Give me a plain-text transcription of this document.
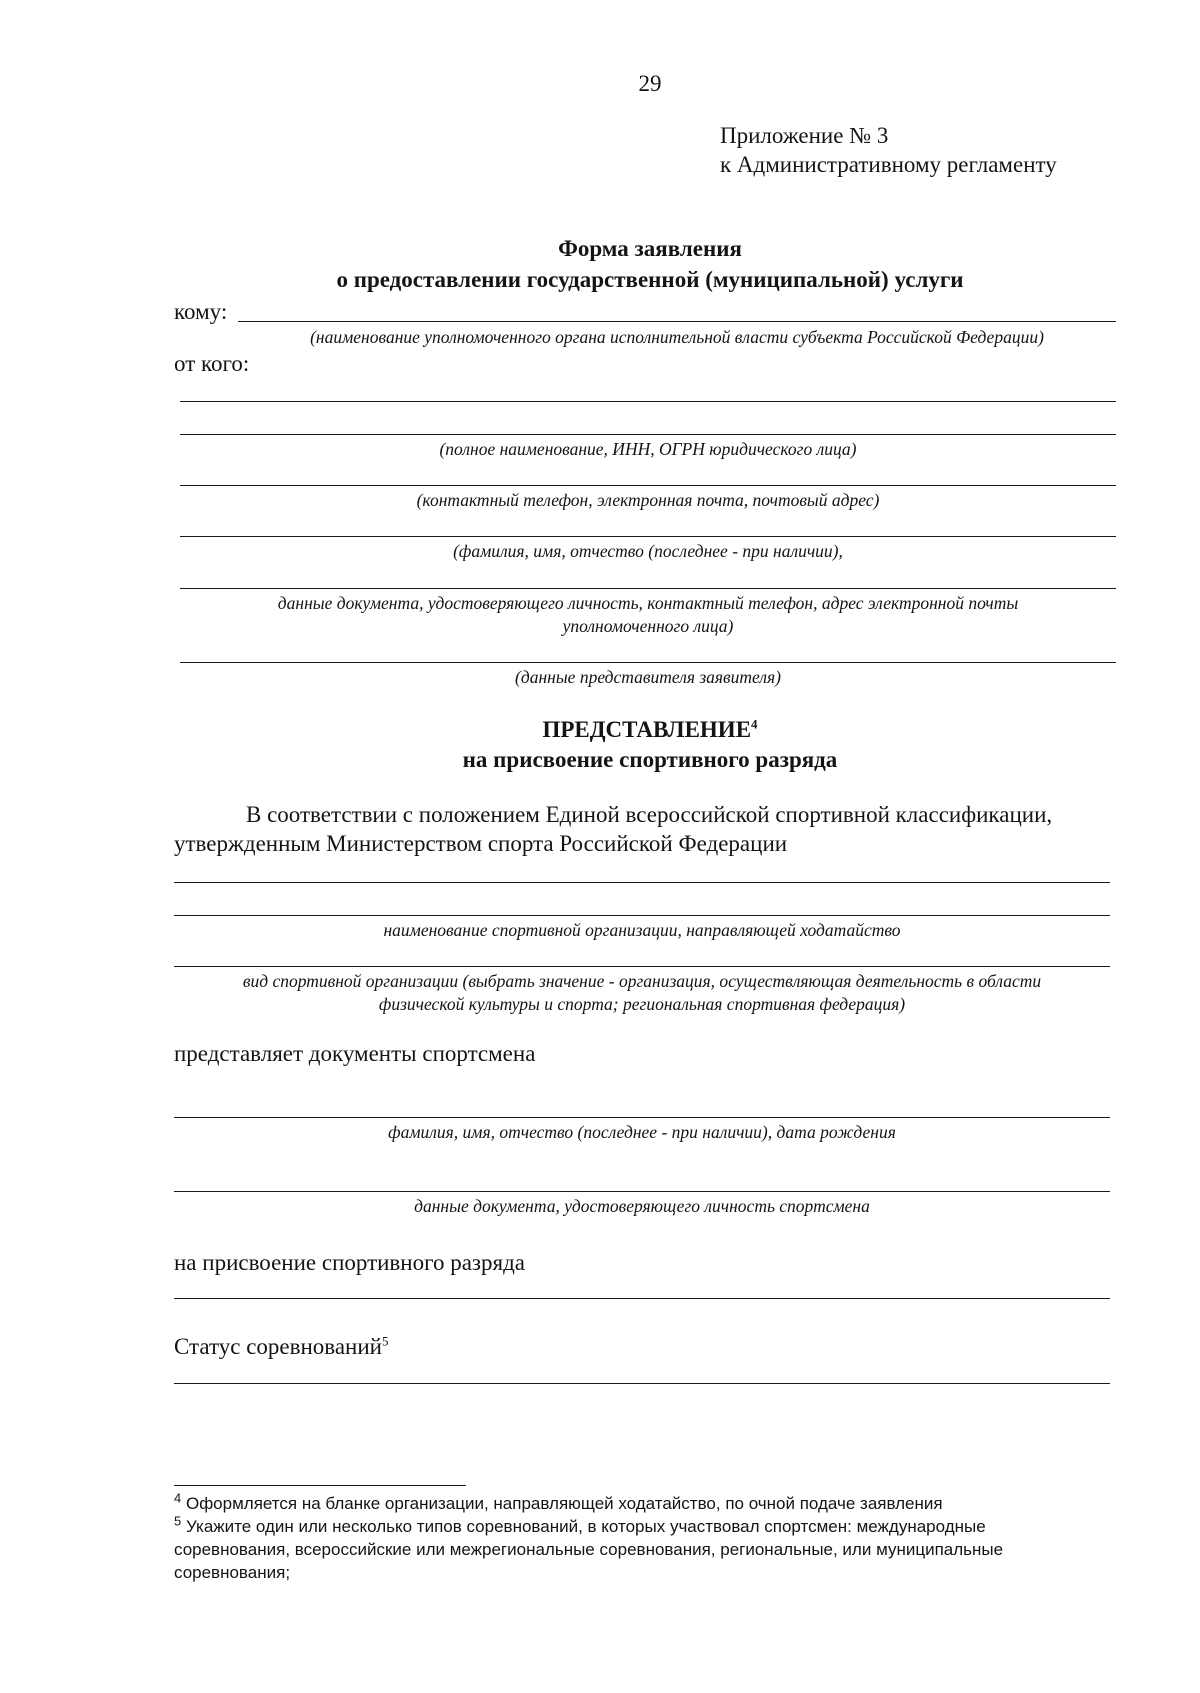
29
Приложение № 3
к Административному регламенту
Форма заявления
о предоставлении государственной (муниципальной) услуги
кому:
(наименование уполномоченного органа исполнительной власти субъекта Российской Федерации)
от кого:
(полное наименование, ИНН, ОГРН юридического лица)
(контактный телефон, электронная почта, почтовый адрес)
(фамилия, имя, отчество (последнее - при наличии),
данные документа, удостоверяющего личность, контактный телефон, адрес электронной почты
уполномоченного лица)
(данные представителя заявителя)
ПРЕДСТАВЛЕНИЕ$^4$
на присвоение спортивного разряда
В соответствии с положением Единой всероссийской спортивной классификации,
утвержденным Министерством спорта Российской Федерации
наименование спортивной организации, направляющей ходатайство
вид спортивной организации (выбрать значение - организация, осуществляющая деятельность в области
физической культуры и спорта; региональная спортивная федерация)
представляет документы спортсмена
фамилия, имя, отчество (последнее - при наличии), дата рождения
данные документа, удостоверяющего личность спортсмена
на присвоение спортивного разряда
Статус соревнований$^5$
$^4$ Оформляется на бланке организации, направляющей ходатайство, по очной подаче заявления
$^5$ Укажите один или несколько типов соревнований, в которых участвовал спортсмен: международные
соревнования, всероссийские или межрегиональные соревнования, региональные, или муниципальные
соревнования;
